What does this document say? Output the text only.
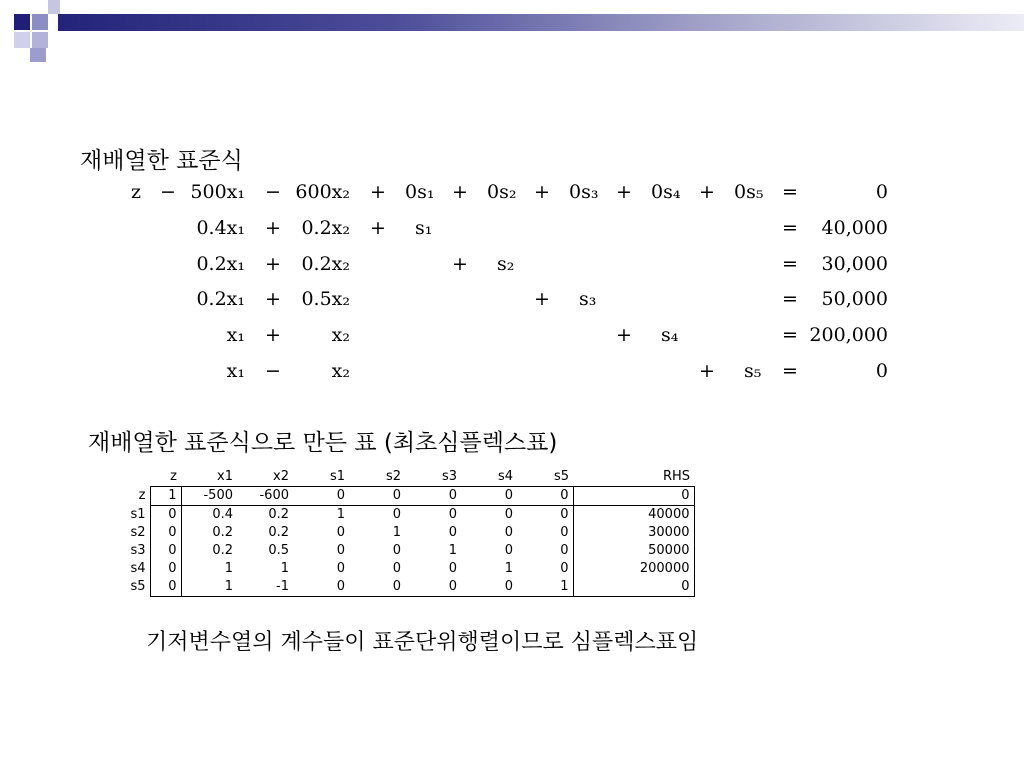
재배열한 표준식
z − 500x₁ − 600x₂ + 0s₁ + 0s₂ + 0s₃ + 0s₄ + 0s₅ =	0
0.4x₁ +	0.2x₂ + s₁	=	40,000
0.2x₁ +	0.2x₂	+ s₂	=	30,000
0.2x₁ +	0.5x₂	+ s₃	=	50,000
x₁ +	x₂	+ s₄	= 200,000
x₁ −	x₂	+ s₅ =	0
재배열한 표준식으로 만든 표 (최초심플렉스표)
	z	x1	x2	s1	s2	s3	s4	s5	RHS
z	1	-500	-600	0	0	0	0	0	0
s1	0	0.4	0.2	1	0	0	0	0	40000
s2	0	0.2	0.2	0	1	0	0	0	30000
s3	0	0.2	0.5	0	0	1	0	0	50000
s4	0	1	1	0	0	0	1	0	200000
s5	0	1	-1	0	0	0	0	1	0
기저변수열의 계수들이 표준단위행렬이므로 심플렉스표임
